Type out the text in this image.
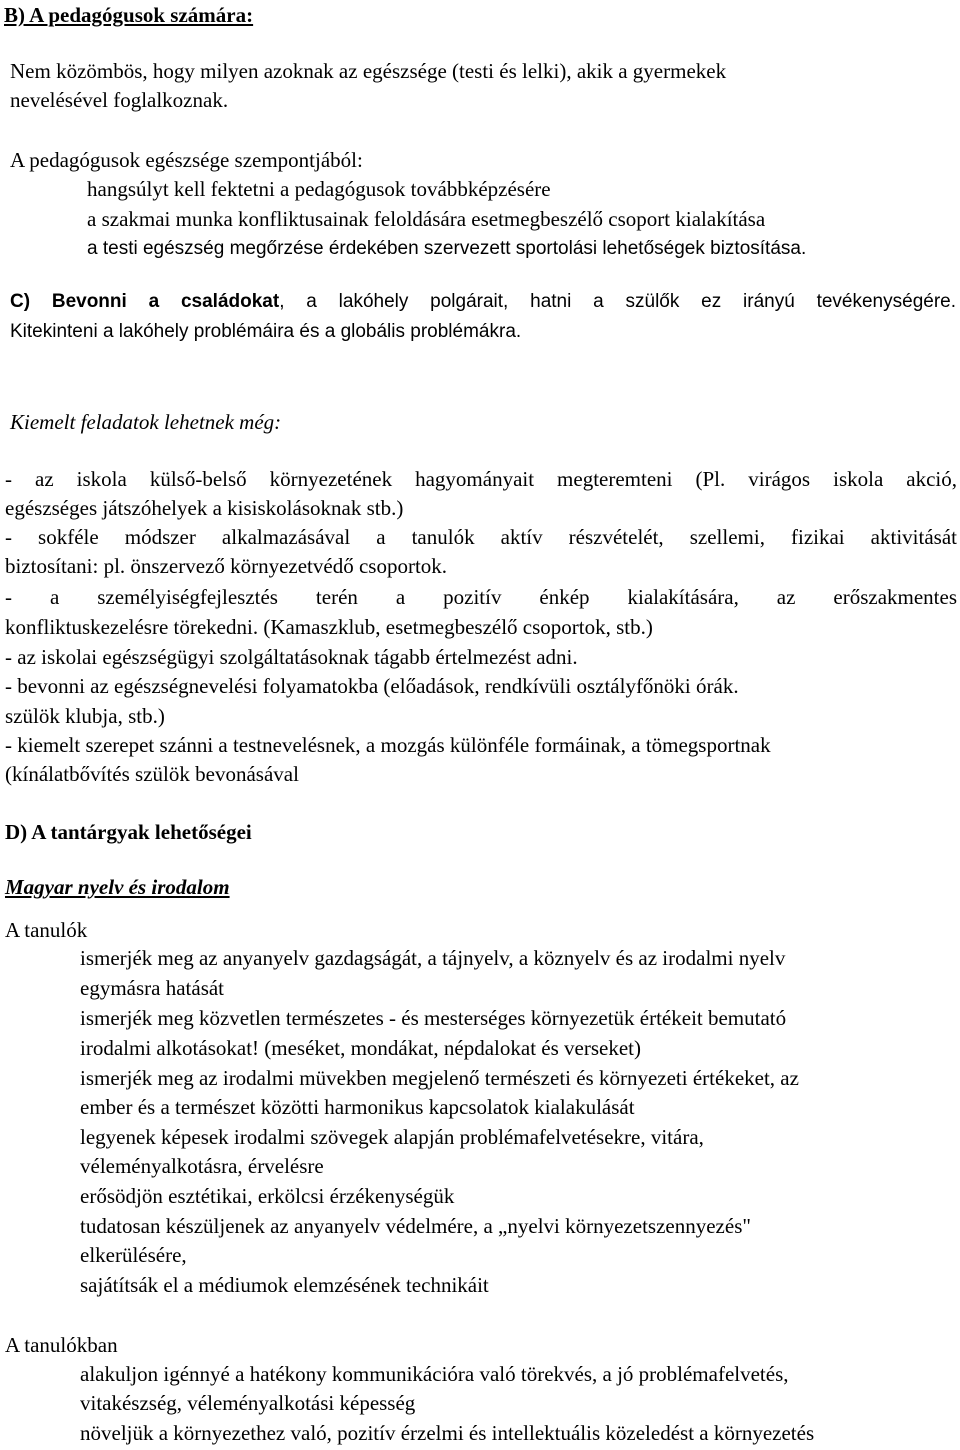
B) A pedagógusok számára:
Nem közömbös, hogy milyen azoknak az egészsége (testi és lelki), akik a gyermekek
nevelésével foglalkoznak.
A pedagógusok egészsége szempontjából:
hangsúlyt kell fektetni a pedagógusok továbbképzésére
a szakmai munka konfliktusainak feloldására esetmegbeszélő csoport kialakítása
a testi egészség megőrzése érdekében szervezett sportolási lehetőségek biztosítása.
C) Bevonni a családokat, a lakóhely polgárait, hatni a szülők ez irányú tevékenységére.
Kitekinteni a lakóhely problémáira és a globális problémákra.
Kiemelt feladatok lehetnek még:
- az iskola külső-belső környezetének hagyományait megteremteni (Pl. virágos iskola akció,
egészséges játszóhelyek a kisiskolásoknak stb.)
- sokféle módszer alkalmazásával a tanulók aktív részvételét, szellemi, fizikai aktivitását
biztosítani: pl. önszervező környezetvédő csoportok.
- a személyiségfejlesztés terén a pozitív énkép kialakítására, az erőszakmentes
konfliktuskezelésre törekedni. (Kamaszklub, esetmegbeszélő csoportok, stb.)
- az iskolai egészségügyi szolgáltatásoknak tágabb értelmezést adni.
- bevonni az egészségnevelési folyamatokba (előadások, rendkívüli osztályfőnöki órák.
szülök klubja, stb.)
- kiemelt szerepet szánni a testnevelésnek, a mozgás különféle formáinak, a tömegsportnak
(kínálatbővítés szülök bevonásával
D) A tantárgyak lehetőségei
Magyar nyelv és irodalom
A tanulók
ismerjék meg az anyanyelv gazdagságát, a tájnyelv, a köznyelv és az irodalmi nyelv
egymásra hatását
ismerjék meg közvetlen természetes - és mesterséges környezetük értékeit bemutató
irodalmi alkotásokat! (meséket, mondákat, népdalokat és verseket)
ismerjék meg az irodalmi müvekben megjelenő természeti és környezeti értékeket, az
ember és a természet közötti harmonikus kapcsolatok kialakulását
legyenek képesek irodalmi szövegek alapján problémafelvetésekre, vitára,
véleményalkotásra, érvelésre
erősödjön esztétikai, erkölcsi érzékenységük
tudatosan készüljenek az anyanyelv védelmére, a „nyelvi környezetszennyezés"
elkerülésére,
sajátítsák el a médiumok elemzésének technikáit
A tanulókban
alakuljon igénnyé a hatékony kommunikációra való törekvés, a jó problémafelvetés,
vitakészség, véleményalkotási képesség
növeljük a környezethez való, pozitív érzelmi és intellektuális közeledést a környezetés
